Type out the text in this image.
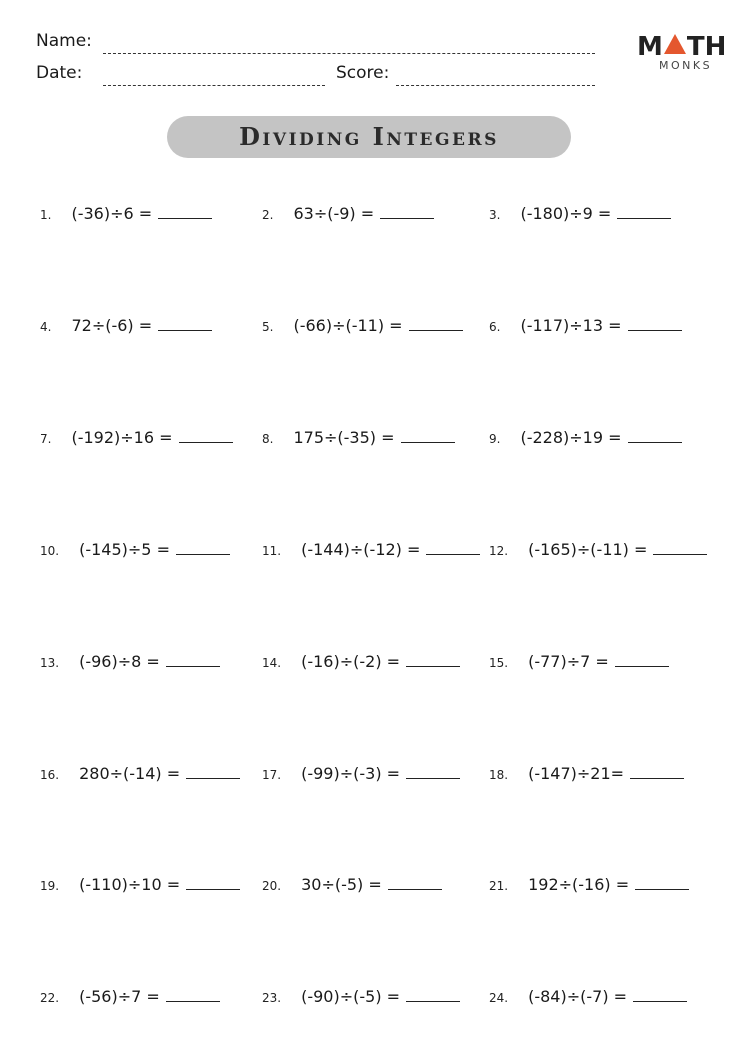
Name:
Date:	Score:
M TH
MONKS
Dividing Integers
1. (-36)÷6 =	2. 63÷(-9) =	3. (-180)÷9 =
4. 72÷(-6) =	5. (-66)÷(-11) =	6. (-117)÷13 =
7. (-192)÷16 =	8. 175÷(-35) =	9. (-228)÷19 =
10. (-145)÷5 =	11. (-144)÷(-12) =	12. (-165)÷(-11) =
13. (-96)÷8 =	14. (-16)÷(-2) =	15. (-77)÷7 =
16. 280÷(-14) =	17. (-99)÷(-3) =	18. (-147)÷21=
19. (-110)÷10 =	20. 30÷(-5) =	21. 192÷(-16) =
22. (-56)÷7 =	23. (-90)÷(-5) =	24. (-84)÷(-7) =
